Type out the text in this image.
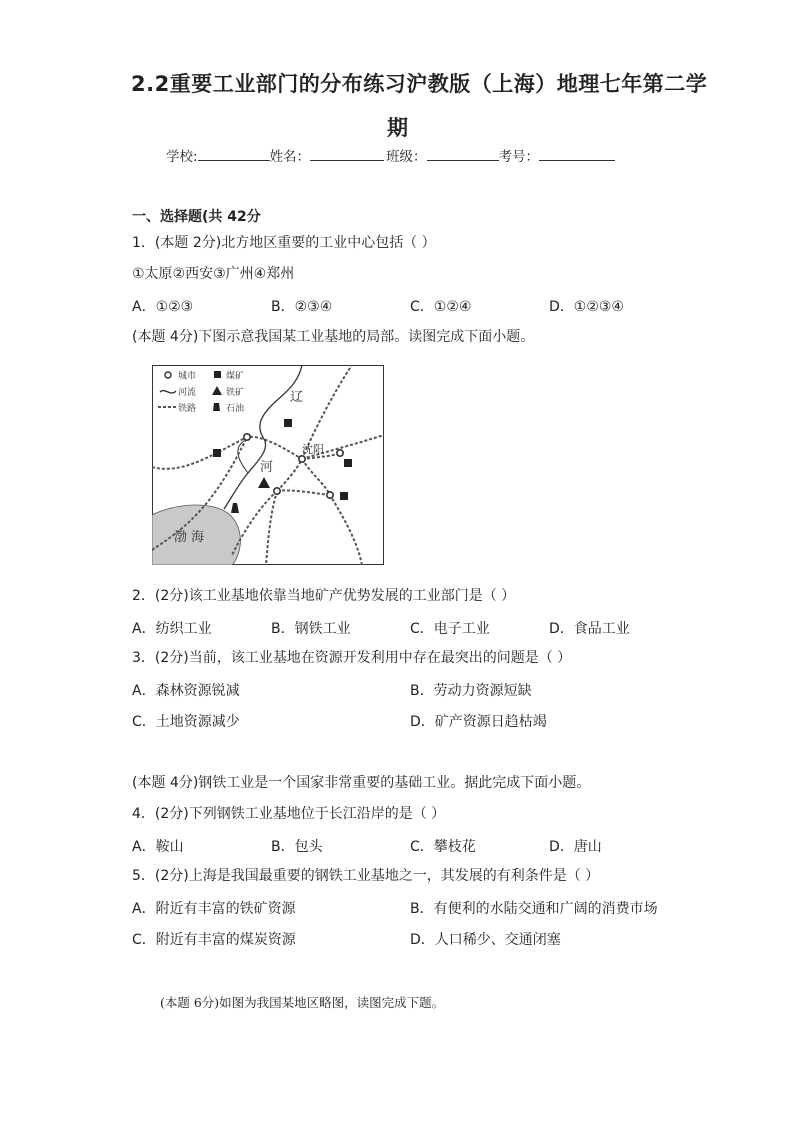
2.2重要工业部门的分布练习沪教版（上海）地理七年第二学
期
学校:	姓名：	班级：	考号：
一、选择题(共 42分
1．(本题 2分)北方地区重要的工业中心包括（ ）
①太原②西安③广州④郑州
A．①②③	B．②③④	C．①②④	D．①②③④
(本题 4分)下图示意我国某工业基地的局部。读图完成下面小题。
城市	煤矿
河流	铁矿
铁路	石油
辽
河
沈阳
渤 海
2．(2分)该工业基地依靠当地矿产优势发展的工业部门是（ ）
A．纺织工业	B．钢铁工业	C．电子工业	D．食品工业
3．(2分)当前，该工业基地在资源开发利用中存在最突出的问题是（ ）
A．森林资源锐减	B．劳动力资源短缺
C．土地资源减少	D．矿产资源日趋枯竭
(本题 4分)钢铁工业是一个国家非常重要的基础工业。据此完成下面小题。
4．(2分)下列钢铁工业基地位于长江沿岸的是（ ）
A．鞍山	B．包头	C．攀枝花	D．唐山
5．(2分)上海是我国最重要的钢铁工业基地之一，其发展的有利条件是（ ）
A．附近有丰富的铁矿资源	B．有便利的水陆交通和广阔的消费市场
C．附近有丰富的煤炭资源	D．人口稀少、交通闭塞
(本题 6分)如图为我国某地区略图，读图完成下题。
